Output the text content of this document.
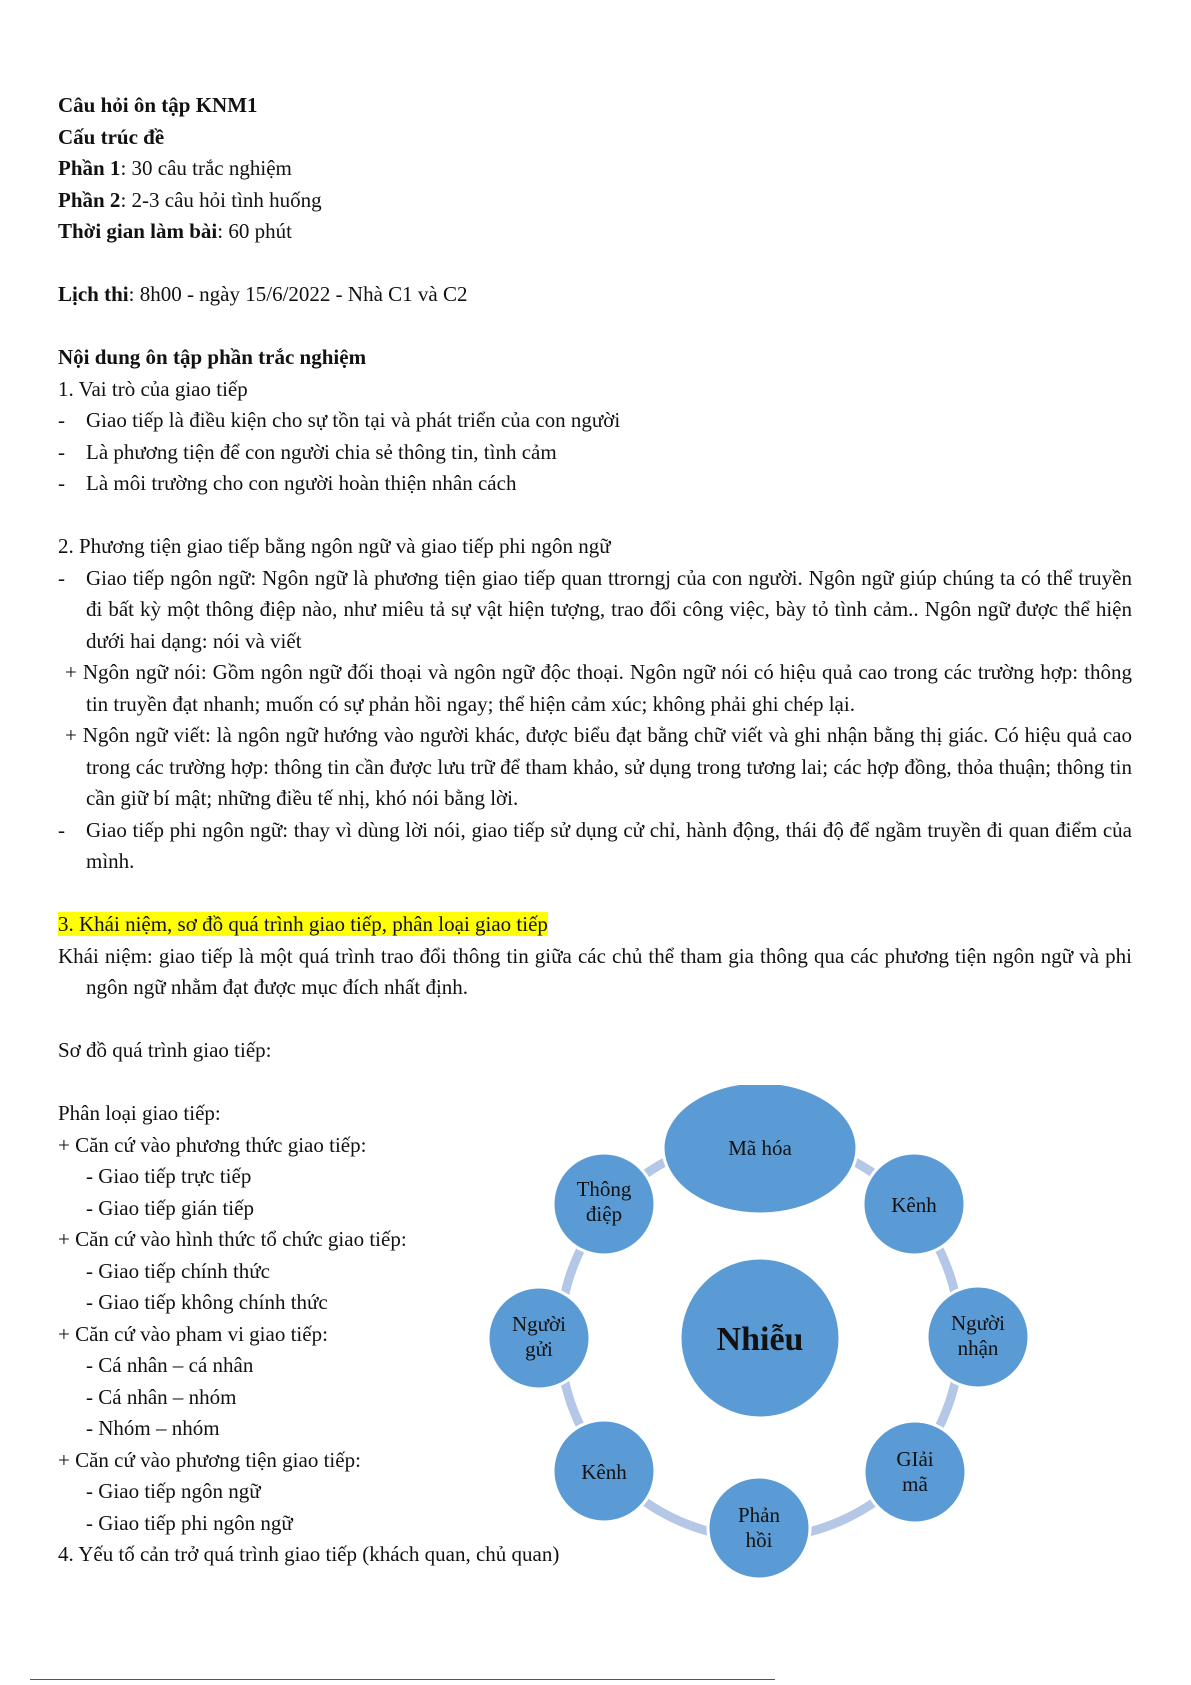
Câu hỏi ôn tập KNM1

Cấu trúc đề

Phần 1: 30 câu trắc nghiệm

Phần 2: 2-3 câu hỏi tình huống

Thời gian làm bài: 60 phút

Lịch thi: 8h00 - ngày 15/6/2022 - Nhà C1 và C2

Nội dung ôn tập phần trắc nghiệm

1. Vai trò của giao tiếp

- Giao tiếp là điều kiện cho sự tồn tại và phát triển của con người

- Là phương tiện để con người chia sẻ thông tin, tình cảm

- Là môi trường cho con người hoàn thiện nhân cách

2. Phương tiện giao tiếp bằng ngôn ngữ và giao tiếp phi ngôn ngữ

- Giao tiếp ngôn ngữ: Ngôn ngữ là phương tiện giao tiếp quan ttrorngj của con người. Ngôn ngữ giúp chúng ta có thể truyền đi bất kỳ một thông điệp nào, như miêu tả sự vật hiện tượng, trao đổi công việc, bày tỏ tình cảm.. Ngôn ngữ được thể hiện dưới hai dạng: nói và viết

+ Ngôn ngữ nói: Gồm ngôn ngữ đối thoại và ngôn ngữ độc thoại. Ngôn ngữ nói có hiệu quả cao trong các trường hợp: thông tin truyền đạt nhanh; muốn có sự phản hồi ngay; thể hiện cảm xúc; không phải ghi chép lại.

+ Ngôn ngữ viết: là ngôn ngữ hướng vào người khác, được biểu đạt bằng chữ viết và ghi nhận bằng thị giác. Có hiệu quả cao trong các trường hợp: thông tin cần được lưu trữ để tham khảo, sử dụng trong tương lai; các hợp đồng, thỏa thuận; thông tin cần giữ bí mật; những điều tế nhị, khó nói bằng lời.

- Giao tiếp phi ngôn ngữ: thay vì dùng lời nói, giao tiếp sử dụng cử chỉ, hành động, thái độ để ngầm truyền đi quan điểm của mình.

3. Khái niệm, sơ đồ quá trình giao tiếp, phân loại giao tiếp

Khái niệm: giao tiếp là một quá trình trao đổi thông tin giữa các chủ thể tham gia thông qua các phương tiện ngôn ngữ và phi ngôn ngữ nhằm đạt được mục đích nhất định.

Sơ đồ quá trình giao tiếp:

Phân loại giao tiếp:

+ Căn cứ vào phương thức giao tiếp:

- Giao tiếp trực tiếp

- Giao tiếp gián tiếp

+ Căn cứ vào hình thức tổ chức giao tiếp:

- Giao tiếp chính thức

- Giao tiếp không chính thức

+ Căn cứ vào pham vi giao tiếp:

- Cá nhân – cá nhân

- Cá nhân – nhóm

- Nhóm – nhóm

+ Căn cứ vào phương tiện giao tiếp:

- Giao tiếp ngôn ngữ

- Giao tiếp phi ngôn ngữ

4. Yếu tố cản trở quá trình giao tiếp (khách quan, chủ quan)

Nhiễu
Mã hóa
Kênh
Người
nhận
GIải
mã
Phản
hồi
Kênh
Người
gửi
Thông
điệp
